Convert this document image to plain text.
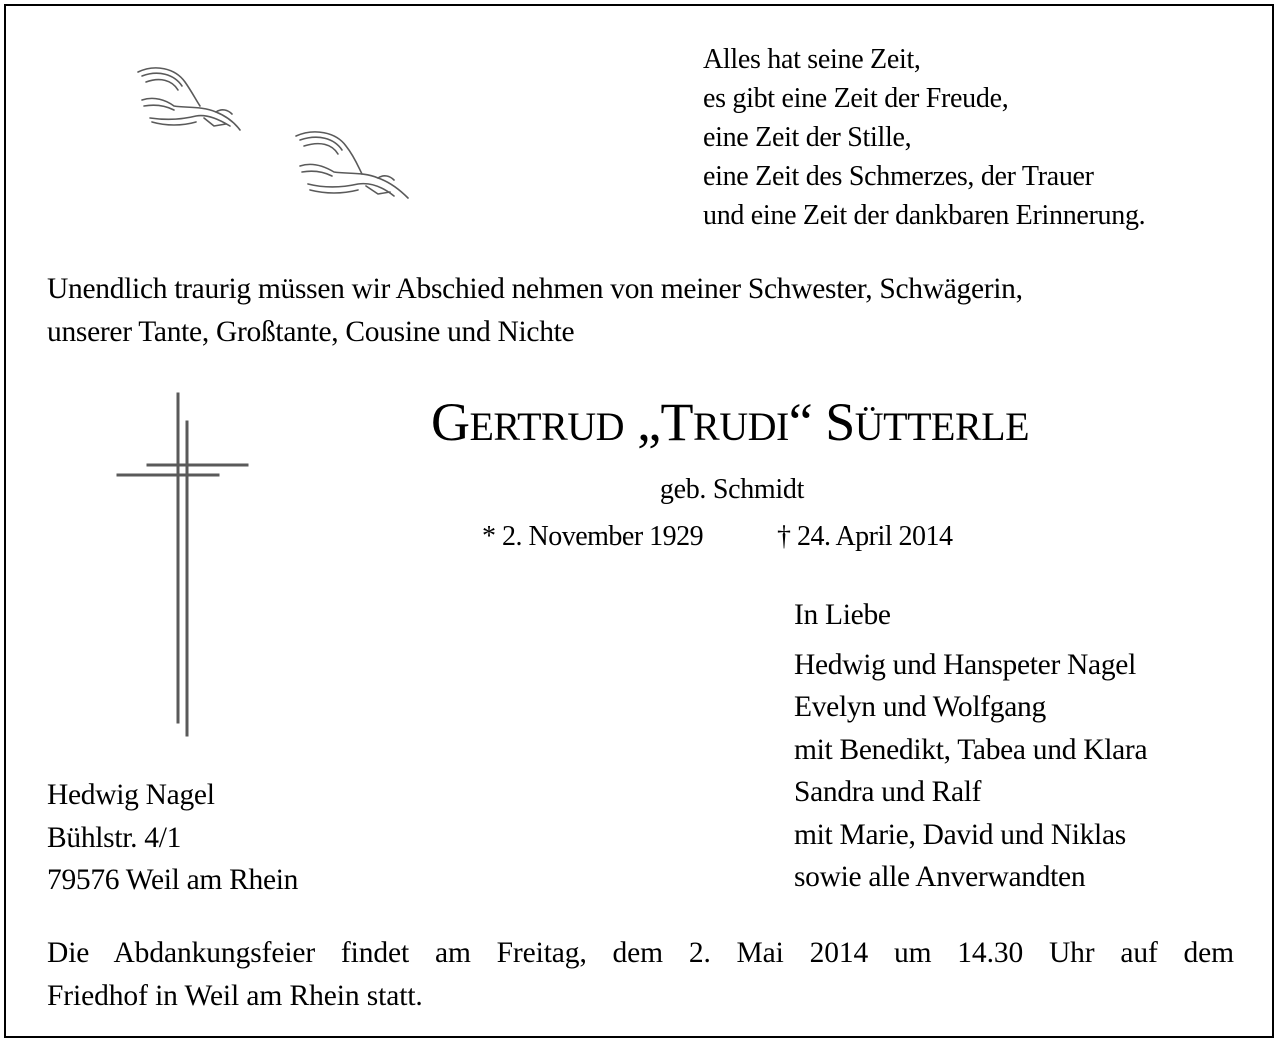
Alles hat seine Zeit,
es gibt eine Zeit der Freude,
eine Zeit der Stille,
eine Zeit des Schmerzes, der Trauer
und eine Zeit der dankbaren Erinnerung.
Unendlich traurig müssen wir Abschied nehmen von meiner Schwester, Schwägerin,
unserer Tante, Großtante, Cousine und Nichte
GERTRUD „TRUDI“ SÜTTERLE
geb. Schmidt
* 2. November 1929	† 24. April 2014
In Liebe
Hedwig und Hanspeter Nagel
Evelyn und Wolfgang
mit Benedikt, Tabea und Klara
Sandra und Ralf
mit Marie, David und Niklas
sowie alle Anverwandten
Hedwig Nagel
Bühlstr. 4/1
79576 Weil am Rhein
Die Abdankungsfeier findet am Freitag, dem 2. Mai 2014 um 14.30 Uhr auf dem
Friedhof in Weil am Rhein statt.
